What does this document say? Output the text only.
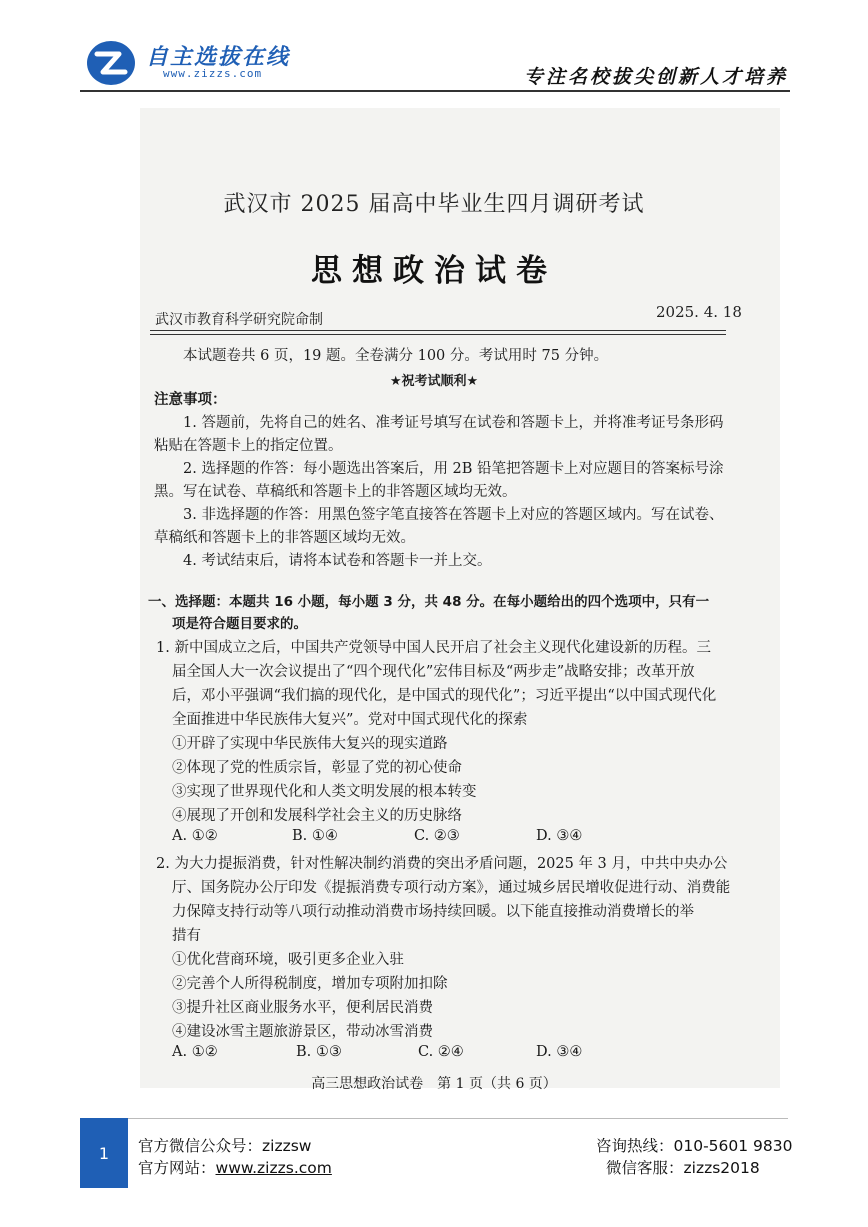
自主选拔在线
www.zizzs.com	专注名校拔尖创新人才培养
武汉市 2025 届高中毕业生四月调研考试
思想政治试卷
武汉市教育科学研究院命制	2025. 4. 18
本试题卷共 6 页，19 题。全卷满分 100 分。考试用时 75 分钟。
★祝考试顺利★
注意事项：
1. 答题前，先将自己的姓名、准考证号填写在试卷和答题卡上，并将准考证号条形码
粘贴在答题卡上的指定位置。
2. 选择题的作答：每小题选出答案后，用 2B 铅笔把答题卡上对应题目的答案标号涂
黑。写在试卷、草稿纸和答题卡上的非答题区域均无效。
3. 非选择题的作答：用黑色签字笔直接答在答题卡上对应的答题区域内。写在试卷、
草稿纸和答题卡上的非答题区域均无效。
4. 考试结束后，请将本试卷和答题卡一并上交。
一、选择题：本题共 16 小题，每小题 3 分，共 48 分。在每小题给出的四个选项中，只有一
项是符合题目要求的。
1. 新中国成立之后，中国共产党领导中国人民开启了社会主义现代化建设新的历程。三
届全国人大一次会议提出了“四个现代化”宏伟目标及“两步走”战略安排；改革开放
后，邓小平强调“我们搞的现代化，是中国式的现代化”；习近平提出“以中国式现代化
全面推进中华民族伟大复兴”。党对中国式现代化的探索
①开辟了实现中华民族伟大复兴的现实道路
②体现了党的性质宗旨，彰显了党的初心使命
③实现了世界现代化和人类文明发展的根本转变
④展现了开创和发展科学社会主义的历史脉络
A. ①②	B. ①④	C. ②③	D. ③④
2. 为大力提振消费，针对性解决制约消费的突出矛盾问题，2025 年 3 月，中共中央办公
厅、国务院办公厅印发《提振消费专项行动方案》，通过城乡居民增收促进行动、消费能
力保障支持行动等八项行动推动消费市场持续回暖。以下能直接推动消费增长的举
措有
①优化营商环境，吸引更多企业入驻
②完善个人所得税制度，增加专项附加扣除
③提升社区商业服务水平，便利居民消费
④建设冰雪主题旅游景区，带动冰雪消费
A. ①②	B. ①③	C. ②④	D. ③④
高三思想政治试卷　第 1 页（共 6 页）
1	官方微信公众号：zizzsw
官方网站：www.zizzs.com
咨询热线：010-5601 9830
微信客服：zizzs2018
